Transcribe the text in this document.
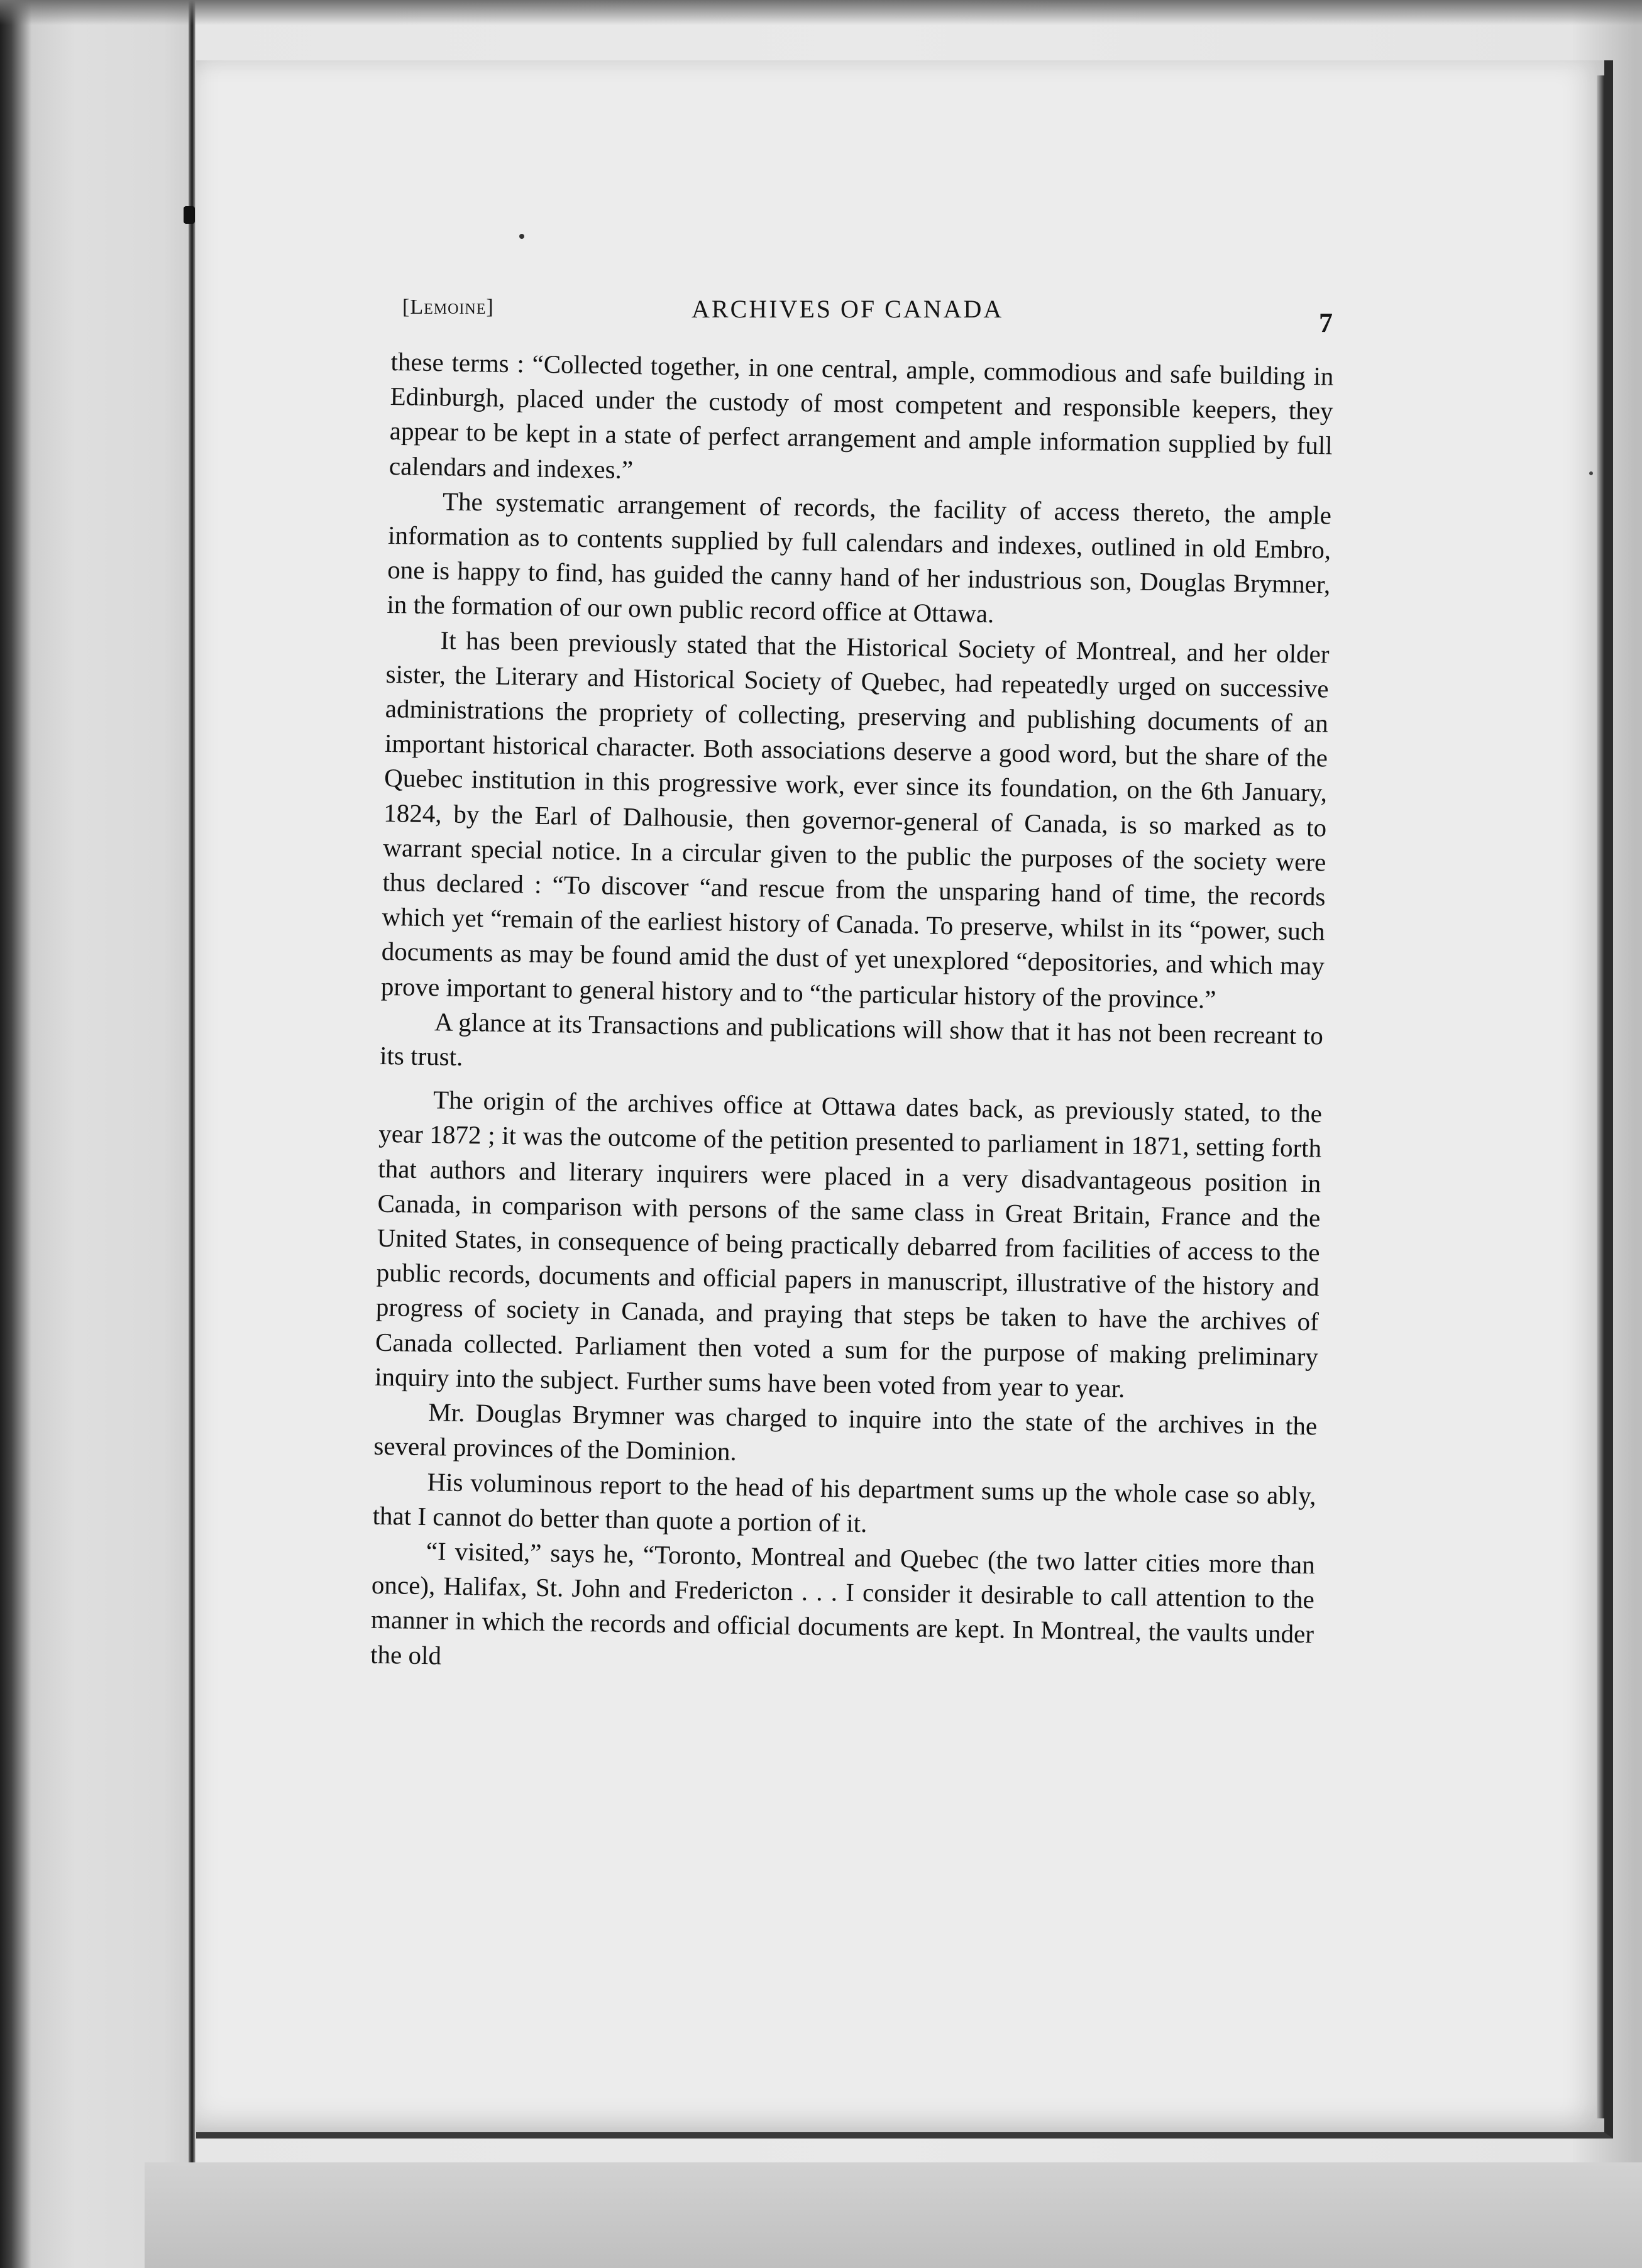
[Lemoine]	ARCHIVES OF CANADA	7

these terms : “Collected together, in one central, ample, commodious and safe building in Edinburgh, placed under the custody of most competent and responsible keepers, they appear to be kept in a state of perfect arrangement and ample information supplied by full calendars and indexes.”

The systematic arrangement of records, the facility of access thereto, the ample information as to contents supplied by full calendars and indexes, outlined in old Embro, one is happy to find, has guided the canny hand of her industrious son, Douglas Brymner, in the formation of our own public record office at Ottawa.

It has been previously stated that the Historical Society of Montreal, and her older sister, the Literary and Historical Society of Quebec, had repeatedly urged on successive administrations the propriety of collecting, preserving and publishing documents of an important historical character. Both associations deserve a good word, but the share of the Quebec institution in this progressive work, ever since its foundation, on the 6th January, 1824, by the Earl of Dalhousie, then governor-general of Canada, is so marked as to warrant special notice. In a circular given to the public the purposes of the society were thus declared : “To discover “and rescue from the unsparing hand of time, the records which yet “remain of the earliest history of Canada. To preserve, whilst in its “power, such documents as may be found amid the dust of yet unexplored “depositories, and which may prove important to general history and to “the particular history of the province.”

A glance at its Transactions and publications will show that it has not been recreant to its trust.

The origin of the archives office at Ottawa dates back, as previously stated, to the year 1872 ; it was the outcome of the petition presented to parliament in 1871, setting forth that authors and literary inquirers were placed in a very disadvantageous position in Canada, in comparison with persons of the same class in Great Britain, France and the United States, in consequence of being practically debarred from facilities of access to the public records, documents and official papers in manuscript, illustrative of the history and progress of society in Canada, and praying that steps be taken to have the archives of Canada collected. Parliament then voted a sum for the purpose of making preliminary inquiry into the subject. Further sums have been voted from year to year.

Mr. Douglas Brymner was charged to inquire into the state of the archives in the several provinces of the Dominion.

His voluminous report to the head of his department sums up the whole case so ably, that I cannot do better than quote a portion of it.

“I visited,” says he, “Toronto, Montreal and Quebec (the two latter cities more than once), Halifax, St. John and Fredericton . . . I consider it desirable to call attention to the manner in which the records and official documents are kept. In Montreal, the vaults under the old
